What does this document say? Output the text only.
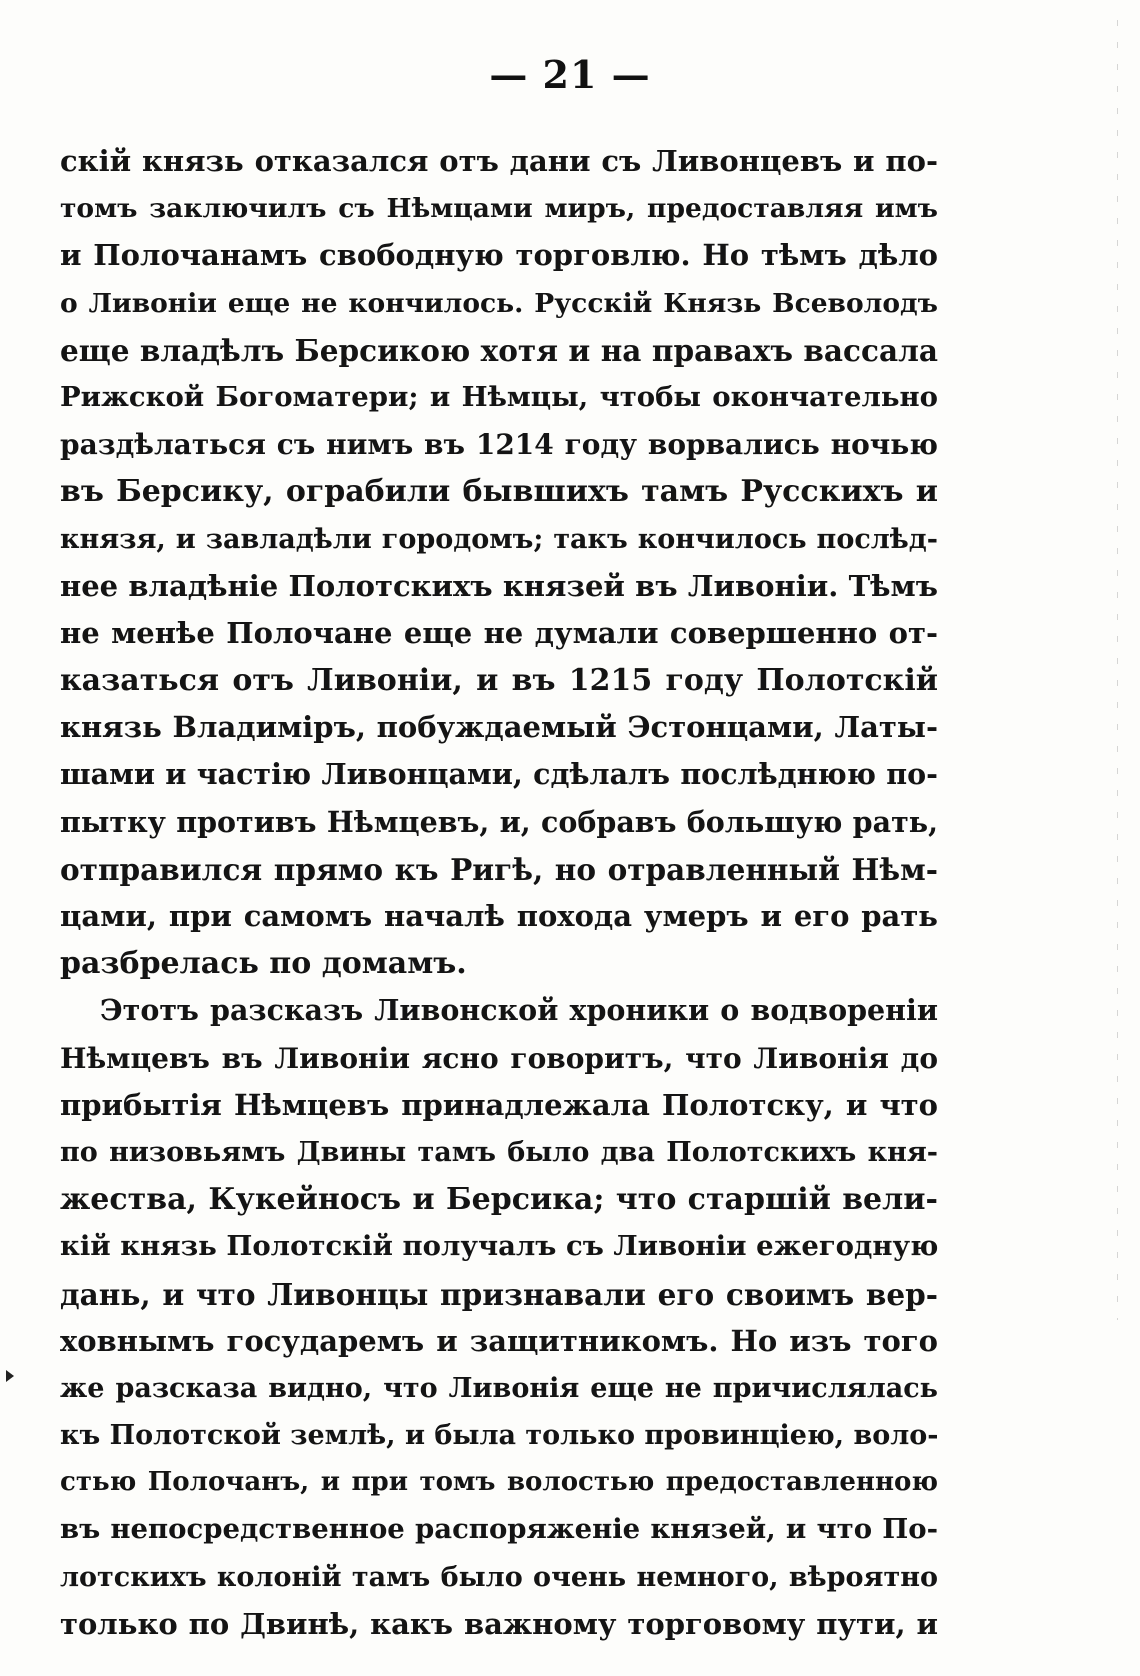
— 21 —
скій князь отказался отъ дани съ Ливонцевъ и по-
томъ заключилъ съ Нѣмцами миръ, предоставляя имъ
и Полочанамъ свободную торговлю. Но тѣмъ дѣло
о Ливоніи еще не кончилось. Русскій Князь Всеволодъ
еще владѣлъ Берсикою хотя и на правахъ вассала
Рижской Богоматери; и Нѣмцы, чтобы окончательно
раздѣлаться съ нимъ въ 1214 году ворвались ночью
въ Берсику, ограбили бывшихъ тамъ Русскихъ и
князя, и завладѣли городомъ; такъ кончилось послѣд-
нее владѣніе Полотскихъ князей въ Ливоніи. Тѣмъ
не менѣе Полочане еще не думали совершенно от-
казаться отъ Ливоніи, и въ 1215 году Полотскій
князь Владиміръ, побуждаемый Эстонцами, Латы-
шами и частію Ливонцами, сдѣлалъ послѣднюю по-
пытку противъ Нѣмцевъ, и, собравъ большую рать,
отправился прямо къ Ригѣ, но отравленный Нѣм-
цами, при самомъ началѣ похода умеръ и его рать
разбрелась по домамъ.
Этотъ разсказъ Ливонской хроники о водвореніи
Нѣмцевъ въ Ливоніи ясно говоритъ, что Ливонія до
прибытія Нѣмцевъ принадлежала Полотску, и что
по низовьямъ Двины тамъ было два Полотскихъ кня-
жества, Кукейносъ и Берсика; что старшій вели-
кій князь Полотскій получалъ съ Ливоніи ежегодную
дань, и что Ливонцы признавали его своимъ вер-
ховнымъ государемъ и защитникомъ. Но изъ того
же разсказа видно, что Ливонія еще не причислялась
къ Полотской землѣ, и была только провинціею, воло-
стью Полочанъ, и при томъ волостью предоставленною
въ непосредственное распоряженіе князей, и что По-
лотскихъ колоній тамъ было очень немного, вѣроятно
только по Двинѣ, какъ важному торговому пути, и
